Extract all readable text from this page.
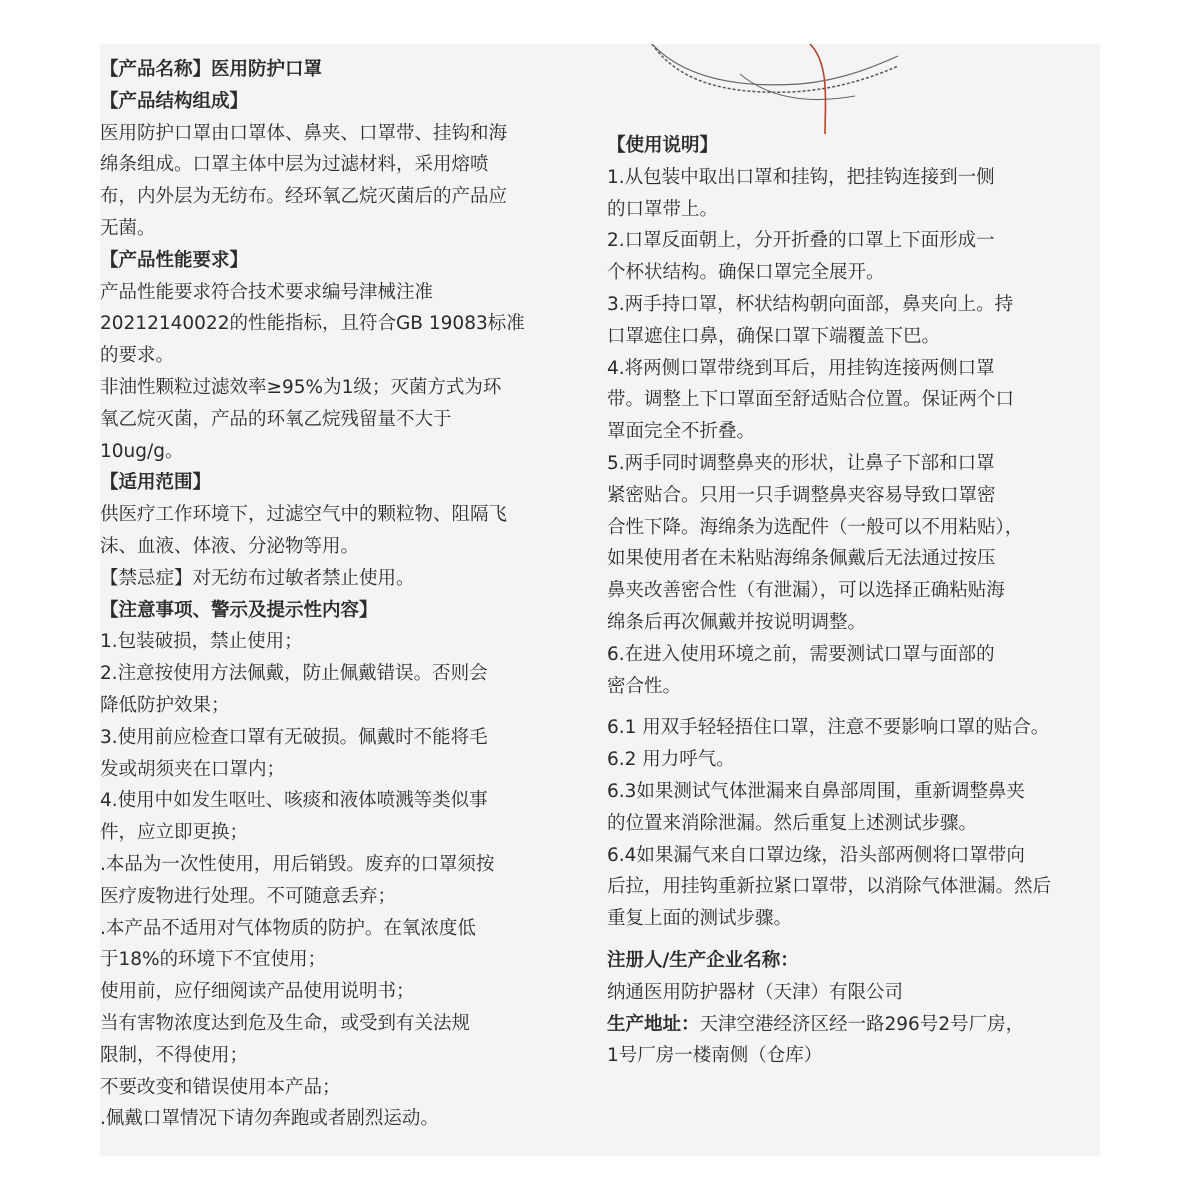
【产品名称】医用防护口罩
【产品结构组成】
医用防护口罩由口罩体、鼻夹、口罩带、挂钩和海
绵条组成。口罩主体中层为过滤材料，采用熔喷
布，内外层为无纺布。经环氧乙烷灭菌后的产品应
无菌。
【产品性能要求】
产品性能要求符合技术要求编号津械注准
20212140022的性能指标，且符合GB 19083标准
的要求。
非油性颗粒过滤效率≥95%为1级；灭菌方式为环
氧乙烷灭菌，产品的环氧乙烷残留量不大于
10ug/g。
【适用范围】
供医疗工作环境下，过滤空气中的颗粒物、阻隔飞
沫、血液、体液、分泌物等用。
【禁忌症】对无纺布过敏者禁止使用。
【注意事项、警示及提示性内容】
1.包装破损，禁止使用；
2.注意按使用方法佩戴，防止佩戴错误。否则会
降低防护效果；
3.使用前应检查口罩有无破损。佩戴时不能将毛
发或胡须夹在口罩内；
4.使用中如发生呕吐、咳痰和液体喷溅等类似事
件，应立即更换；
.本品为一次性使用，用后销毁。废弃的口罩须按
医疗废物进行处理。不可随意丢弃；
.本产品不适用对气体物质的防护。在氧浓度低
于18%的环境下不宜使用；
使用前，应仔细阅读产品使用说明书；
当有害物浓度达到危及生命，或受到有关法规
限制，不得使用；
不要改变和错误使用本产品；
.佩戴口罩情况下请勿奔跑或者剧烈运动。
【使用说明】
1.从包装中取出口罩和挂钩，把挂钩连接到一侧
的口罩带上。
2.口罩反面朝上，分开折叠的口罩上下面形成一
个杯状结构。确保口罩完全展开。
3.两手持口罩，杯状结构朝向面部，鼻夹向上。持
口罩遮住口鼻，确保口罩下端覆盖下巴。
4.将两侧口罩带绕到耳后，用挂钩连接两侧口罩
带。调整上下口罩面至舒适贴合位置。保证两个口
罩面完全不折叠。
5.两手同时调整鼻夹的形状，让鼻子下部和口罩
紧密贴合。只用一只手调整鼻夹容易导致口罩密
合性下降。海绵条为选配件（一般可以不用粘贴），
如果使用者在未粘贴海绵条佩戴后无法通过按压
鼻夹改善密合性（有泄漏），可以选择正确粘贴海
绵条后再次佩戴并按说明调整。
6.在进入使用环境之前，需要测试口罩与面部的
密合性。
6.1 用双手轻轻捂住口罩，注意不要影响口罩的贴合。
6.2 用力呼气。
6.3如果测试气体泄漏来自鼻部周围，重新调整鼻夹
的位置来消除泄漏。然后重复上述测试步骤。
6.4如果漏气来自口罩边缘，沿头部两侧将口罩带向
后拉，用挂钩重新拉紧口罩带，以消除气体泄漏。然后
重复上面的测试步骤。
注册人/生产企业名称：
纳通医用防护器材（天津）有限公司
生产地址：天津空港经济区经一路296号2号厂房，
1号厂房一楼南侧（仓库）
